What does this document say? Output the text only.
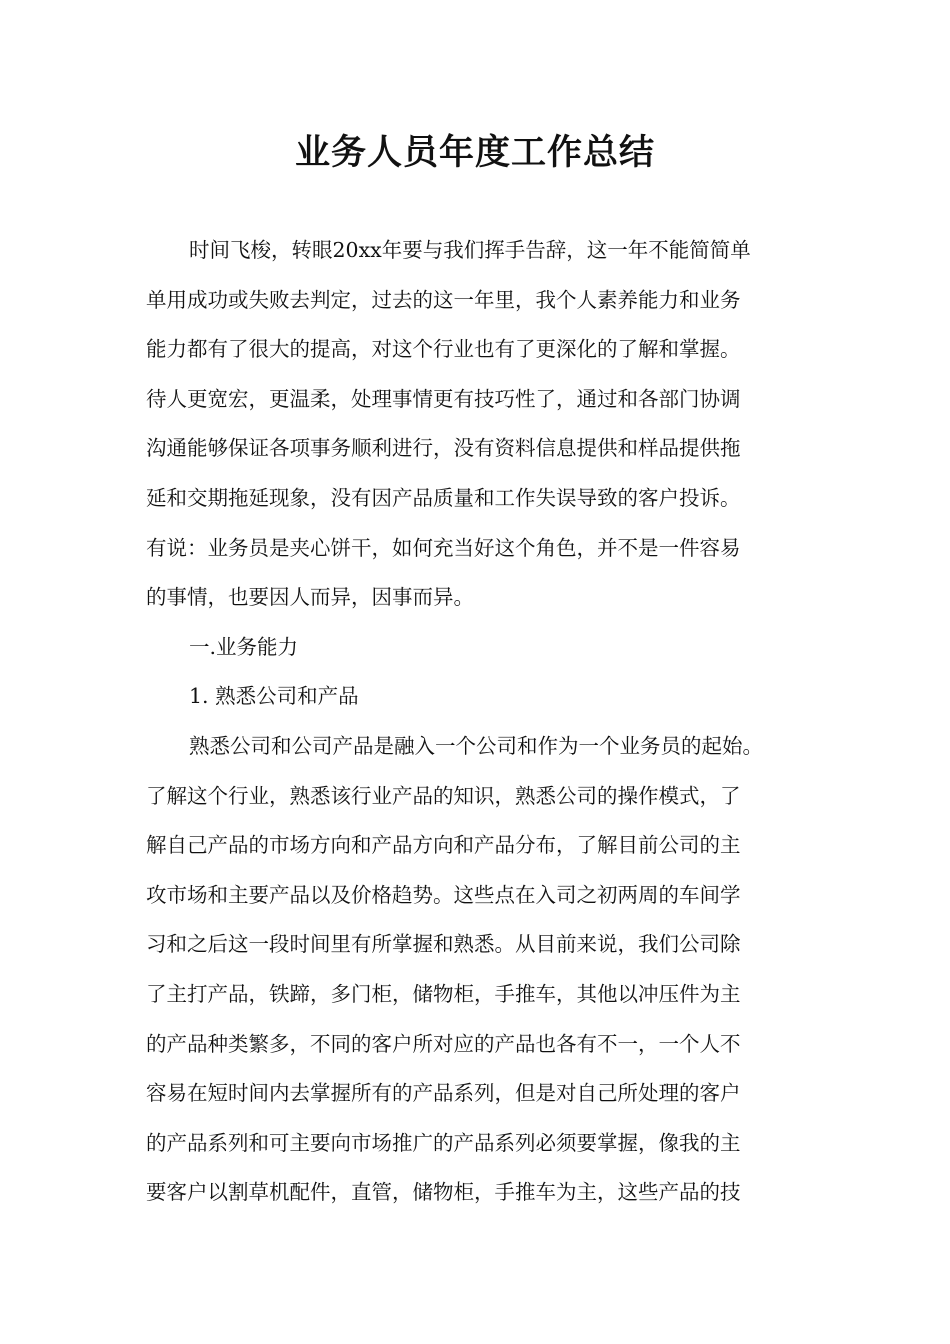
业务人员年度工作总结
时间飞梭，转眼20xx年要与我们挥手告辞，这一年不能简简单
单用成功或失败去判定，过去的这一年里，我个人素养能力和业务
能力都有了很大的提高，对这个行业也有了更深化的了解和掌握。
待人更宽宏，更温柔，处理事情更有技巧性了，通过和各部门协调
沟通能够保证各项事务顺利进行，没有资料信息提供和样品提供拖
延和交期拖延现象，没有因产品质量和工作失误导致的客户投诉。
有说：业务员是夹心饼干，如何充当好这个角色，并不是一件容易
的事情，也要因人而异，因事而异。
一.业务能力
1. 熟悉公司和产品
熟悉公司和公司产品是融入一个公司和作为一个业务员的起始。
了解这个行业，熟悉该行业产品的知识，熟悉公司的操作模式，了
解自己产品的市场方向和产品方向和产品分布，了解目前公司的主
攻市场和主要产品以及价格趋势。这些点在入司之初两周的车间学
习和之后这一段时间里有所掌握和熟悉。从目前来说，我们公司除
了主打产品，铁蹄，多门柜，储物柜，手推车，其他以冲压件为主
的产品种类繁多，不同的客户所对应的产品也各有不一，一个人不
容易在短时间内去掌握所有的产品系列，但是对自己所处理的客户
的产品系列和可主要向市场推广的产品系列必须要掌握，像我的主
要客户以割草机配件，直管，储物柜，手推车为主，这些产品的技
